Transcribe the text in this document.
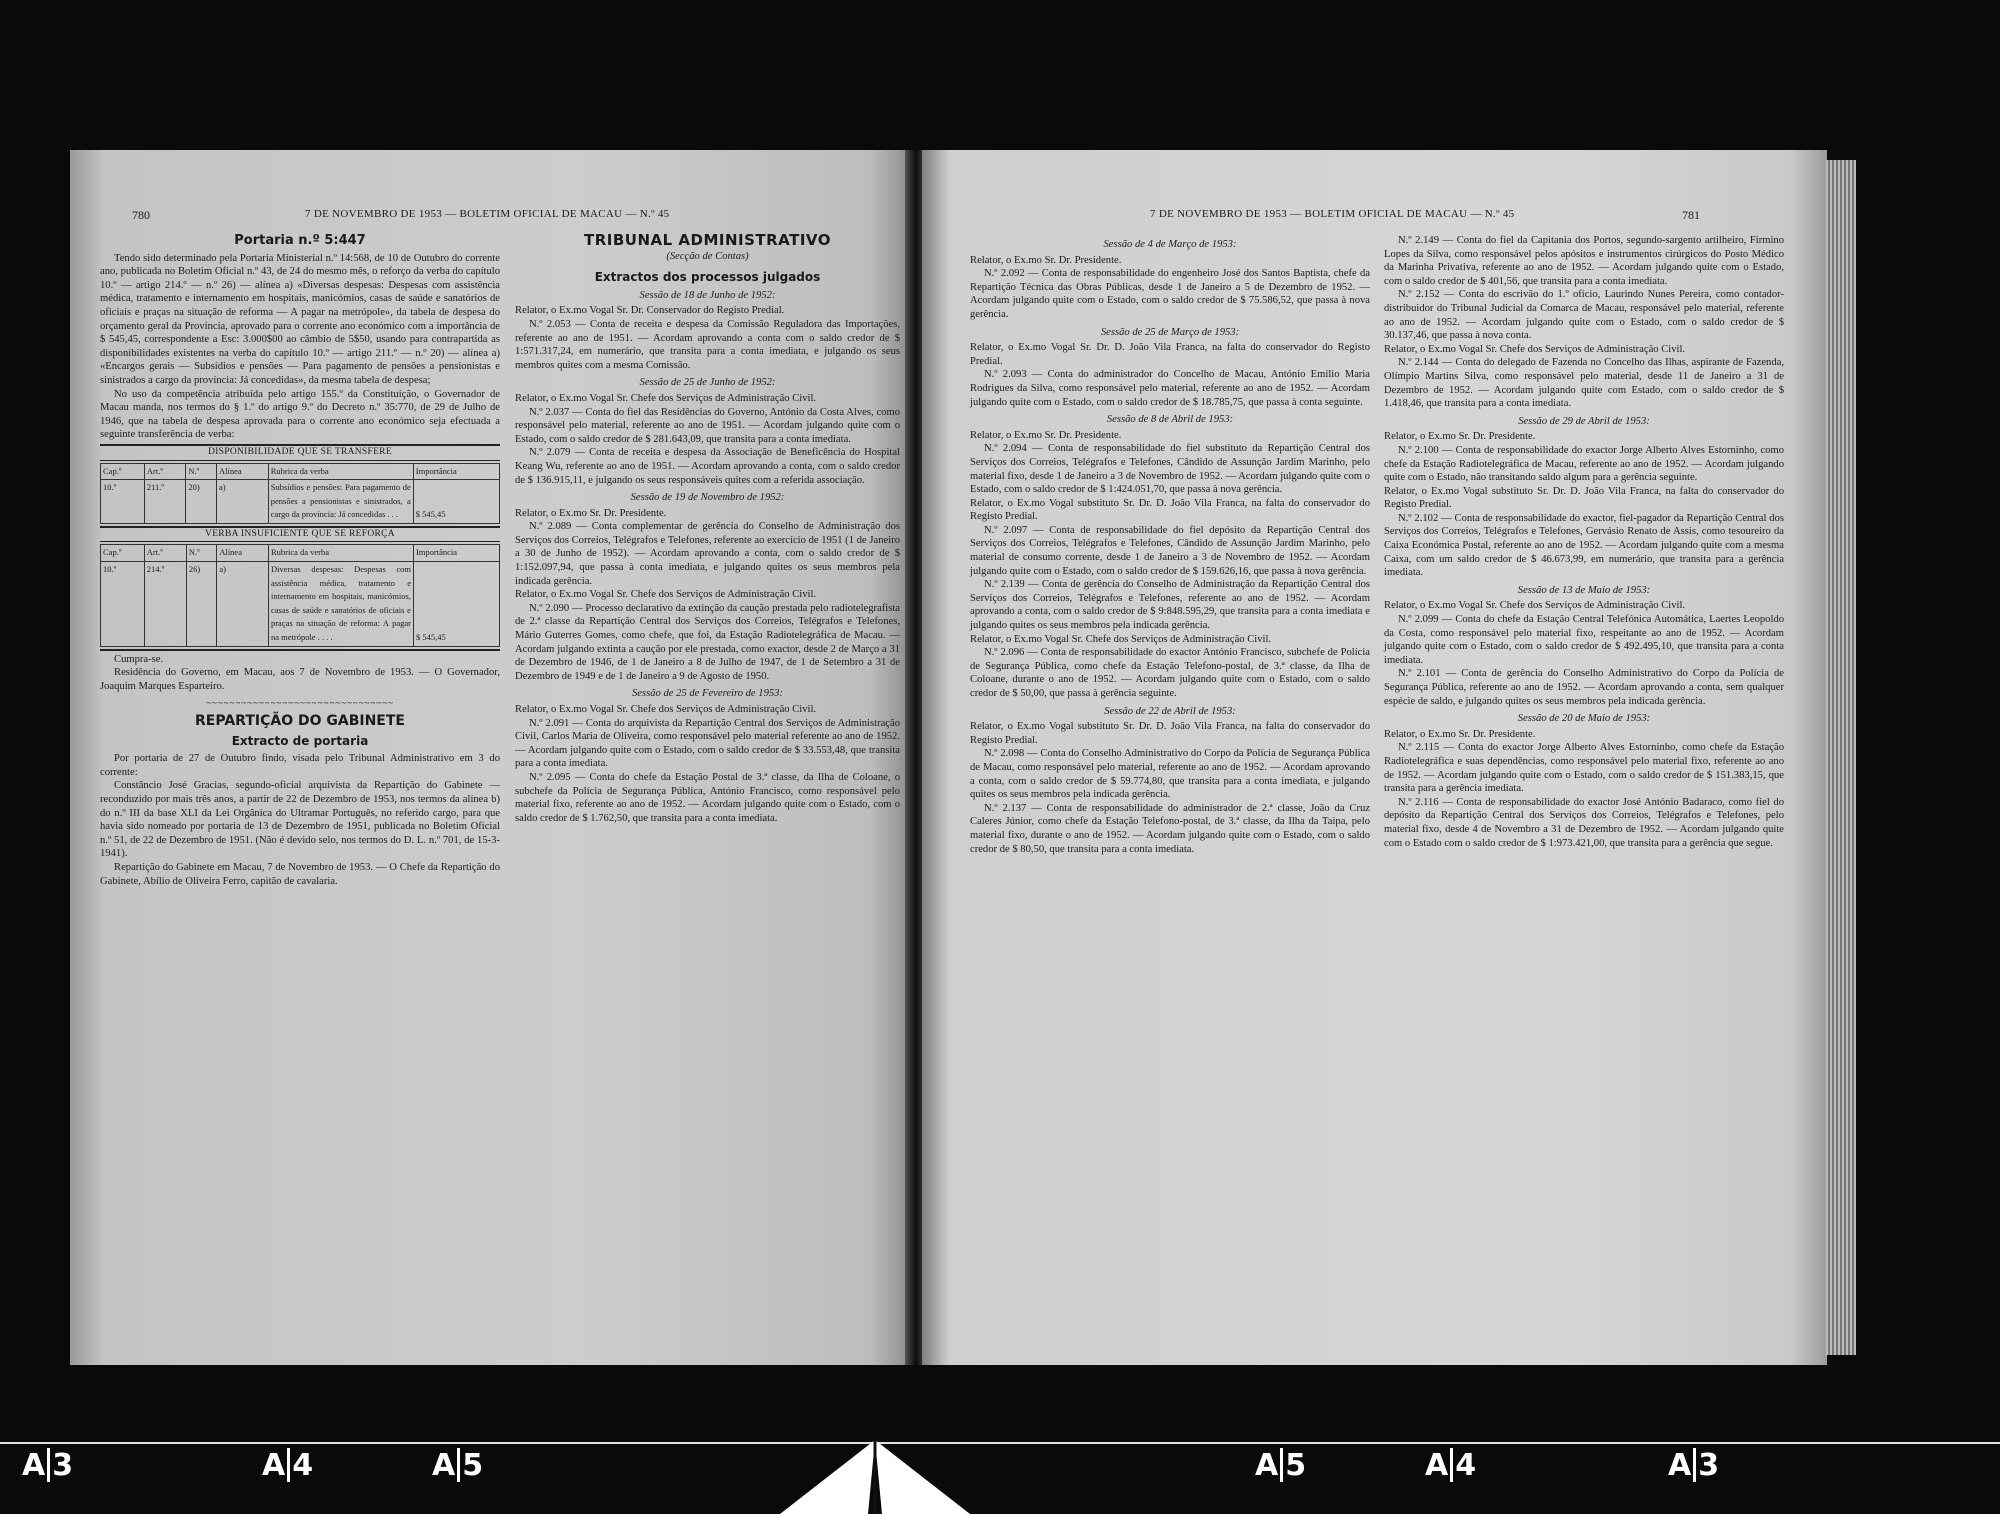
780	7 DE NOVEMBRO DE 1953 — BOLETIM OFICIAL DE MACAU — N.º 45
Portaria n.º 5:447

Tendo sido determinado pela Portaria Ministerial n.º 14:568, de 10 de Outubro do corrente ano, publicada no Boletim Oficial n.º 43, de 24 do mesmo mês, o reforço da verba do capítulo 10.º — artigo 214.º — n.º 26) — alínea a) «Diversas despesas: Despesas com assistência médica, tratamento e internamento em hospitais, manicómios, casas de saúde e sanatórios de oficiais e praças na situação de reforma — A pagar na metrópole», da tabela de despesa do orçamento geral da Província, aprovado para o corrente ano económico com a importância de $ 545,45, correspondente a Esc: 3.000$00 ao câmbio de 5$50, usando para contrapartida as disponibilidades existentes na verba do capítulo 10.º — artigo 211.º — n.º 20) — alínea a) «Encargos gerais — Subsídios e pensões — Para pagamento de pensões a pensionistas e sinistrados a cargo da província: Já concedidas», da mesma tabela de despesa;

No uso da competência atribuída pelo artigo 155.º da Constituição, o Governador de Macau manda, nos termos do § 1.º do artigo 9.º do Decreto n.º 35:770, de 29 de Julho de 1946, que na tabela de despesa aprovada para o corrente ano económico seja efectuada a seguinte transferência de verba:

DISPONIBILIDADE QUE SE TRANSFERE
Cap.º	Art.º	N.º	Alínea	Rubrica da verba	Importância
10.º	211.º	20)	a)	Subsídios e pensões: Para pagamento de pensões a pensionistas e sinistrados, a cargo da província: Já concedidas . . .	$ 545,45
VERBA INSUFICIENTE QUE SE REFORÇA
Cap.º	Art.º	N.º	Alínea	Rubrica da verba	Importância
10.º	214.º	26)	a)	Diversas despesas: Despesas com assistência médica, tratamento e internamento em hospitais, manicómios, casas de saúde e sanatórios de oficiais e praças na situação de reforma: A pagar na metrópole . . . .	$ 545,45

Cumpra-se.

Residência do Governo, em Macau, aos 7 de Novembro de 1953. — O Governador, Joaquim Marques Esparteiro.

~~~~~~~~~~~~~~~~~~~~~~~~~~~~~~~~
REPARTIÇÃO DO GABINETE
Extracto de portaria

Por portaria de 27 de Outubro findo, visada pelo Tribunal Administrativo em 3 do corrente:

Constâncio José Gracias, segundo-oficial arquivista da Repartição do Gabinete — reconduzido por mais três anos, a partir de 22 de Dezembro de 1953, nos termos da alínea b) do n.º III da base XLI da Lei Orgânica do Ultramar Português, no referido cargo, para que havia sido nomeado por portaria de 13 de Dezembro de 1951, publicada no Boletim Oficial n.º 51, de 22 de Dezembro de 1951. (Não é devido selo, nos termos do D. L. n.º 701, de 15-3-1941).

Repartição do Gabinete em Macau, 7 de Novembro de 1953. — O Chefe da Repartição do Gabinete, Abílio de Oliveira Ferro, capitão de cavalaria.

TRIBUNAL ADMINISTRATIVO
(Secção de Contas)
Extractos dos processos julgados
Sessão de 18 de Junho de 1952:

Relator, o Ex.mo Vogal Sr. Dr. Conservador do Registo Predial.

N.º 2.053 — Conta de receita e despesa da Comissão Reguladora das Importações, referente ao ano de 1951. — Acordam aprovando a conta com o saldo credor de $ 1:571.317,24, em numerário, que transita para a conta imediata, e julgando os seus membros quites com a mesma Comissão.

Sessão de 25 de Junho de 1952:

Relator, o Ex.mo Vogal Sr. Chefe dos Serviços de Administração Civil.

N.º 2.037 — Conta do fiel das Residências do Governo, António da Costa Alves, como responsável pelo material, referente ao ano de 1951. — Acordam julgando quite com o Estado, com o saldo credor de $ 281.643,09, que transita para a conta imediata.

N.º 2.079 — Conta de receita e despesa da Associação de Beneficência do Hospital Keang Wu, referente ao ano de 1951. — Acordam aprovando a conta, com o saldo credor de $ 136.915,11, e julgando os seus responsáveis quites com a referida associação.

Sessão de 19 de Novembro de 1952:

Relator, o Ex.mo Sr. Dr. Presidente.

N.º 2.089 — Conta complementar de gerência do Conselho de Administração dos Serviços dos Correios, Telégrafos e Telefones, referente ao exercício de 1951 (1 de Janeiro a 30 de Junho de 1952). — Acordam aprovando a conta, com o saldo credor de $ 1:152.097,94, que passa à conta imediata, e julgando quites os seus membros pela indicada gerência.

Relator, o Ex.mo Vogal Sr. Chefe dos Serviços de Administração Civil.

N.º 2.090 — Processo declarativo da extinção da caução prestada pelo radiotelegrafista de 2.ª classe da Repartição Central dos Serviços dos Correios, Telégrafos e Telefones, Mário Guterres Gomes, como chefe, que foi, da Estação Radiotelegráfica de Macau. — Acordam julgando extinta a caução por ele prestada, como exactor, desde 2 de Março a 31 de Dezembro de 1946, de 1 de Janeiro a 8 de Julho de 1947, de 1 de Setembro a 31 de Dezembro de 1949 e de 1 de Janeiro a 9 de Agosto de 1950.

Sessão de 25 de Fevereiro de 1953:

Relator, o Ex.mo Vogal Sr. Chefe dos Serviços de Administração Civil.

N.º 2.091 — Conta do arquivista da Repartição Central dos Serviços de Administração Civil, Carlos Maria de Oliveira, como responsável pelo material referente ao ano de 1952. — Acordam julgando quite com o Estado, com o saldo credor de $ 33.553,48, que transita para a conta imediata.

N.º 2.095 — Conta do chefe da Estação Postal de 3.ª classe, da Ilha de Coloane, o subchefe da Polícia de Segurança Pública, António Francisco, como responsável pelo material fixo, referente ao ano de 1952. — Acordam julgando quite com o Estado, com o saldo credor de $ 1.762,50, que transita para a conta imediata.

7 DE NOVEMBRO DE 1953 — BOLETIM OFICIAL DE MACAU — N.º 45	781
Sessão de 4 de Março de 1953:

Relator, o Ex.mo Sr. Dr. Presidente.

N.º 2.092 — Conta de responsabilidade do engenheiro José dos Santos Baptista, chefe da Repartição Técnica das Obras Públicas, desde 1 de Janeiro a 5 de Dezembro de 1952. — Acordam julgando quite com o Estado, com o saldo credor de $ 75.586,52, que passa à nova gerência.

Sessão de 25 de Março de 1953:

Relator, o Ex.mo Vogal Sr. Dr. D. João Vila Franca, na falta do conservador do Registo Predial.

N.º 2.093 — Conta do administrador do Concelho de Macau, António Emílio Maria Rodrigues da Silva, como responsável pelo material, referente ao ano de 1952. — Acordam julgando quite com o Estado, com o saldo credor de $ 18.785,75, que passa à conta seguinte.

Sessão de 8 de Abril de 1953:

Relator, o Ex.mo Sr. Dr. Presidente.

N.º 2.094 — Conta de responsabilidade do fiel substituto da Repartição Central dos Serviços dos Correios, Telégrafos e Telefones, Cândido de Assunção Jardim Marinho, pelo material fixo, desde 1 de Janeiro a 3 de Novembro de 1952. — Acordam julgando quite com o Estado, com o saldo credor de $ 1:424.051,70, que passa à nova gerência.

Relator, o Ex.mo Vogal substituto Sr. Dr. D. João Vila Franca, na falta do conservador do Registo Predial.

N.º 2.097 — Conta de responsabilidade do fiel depósito da Repartição Central dos Serviços dos Correios, Telégrafos e Telefones, Cândido de Assunção Jardim Marinho, pelo material de consumo corrente, desde 1 de Janeiro a 3 de Novembro de 1952. — Acordam julgando quite com o Estado, com o saldo credor de $ 159.626,16, que passa à nova gerência.

N.º 2.139 — Conta de gerência do Conselho de Administração da Repartição Central dos Serviços dos Correios, Telégrafos e Telefones, referente ao ano de 1952. — Acordam aprovando a conta, com o saldo credor de $ 9:848.595,29, que transita para a conta imediata e julgando quites os seus membros pela indicada gerência.

Relator, o Ex.mo Vogal Sr. Chefe dos Serviços de Administração Civil.

N.º 2.096 — Conta de responsabilidade do exactor António Francisco, subchefe de Polícia de Segurança Pública, como chefe da Estação Telefono-postal, de 3.ª classe, da Ilha de Coloane, durante o ano de 1952. — Acordam julgando quite com o Estado, com o saldo credor de $ 50,00, que passa à gerência seguinte.

Sessão de 22 de Abril de 1953:

Relator, o Ex.mo Vogal substituto Sr. Dr. D. João Vila Franca, na falta do conservador do Registo Predial.

N.º 2.098 — Conta do Conselho Administrativo do Corpo da Polícia de Segurança Pública de Macau, como responsável pelo material, referente ao ano de 1952. — Acordam aprovando a conta, com o saldo credor de $ 59.774,80, que transita para a conta imediata, e julgando quites os seus membros pela indicada gerência.

N.º 2.137 — Conta de responsabilidade do administrador de 2.ª classe, João da Cruz Caleres Júnior, como chefe da Estação Telefono-postal, de 3.ª classe, da Ilha da Taipa, pelo material fixo, durante o ano de 1952. — Acordam julgando quite com o Estado, com o saldo credor de $ 80,50, que transita para a conta imediata.

N.º 2.149 — Conta do fiel da Capitania dos Portos, segundo-sargento artilheiro, Firmino Lopes da Silva, como responsável pelos apósitos e instrumentos cirúrgicos do Posto Médico da Marinha Privativa, referente ao ano de 1952. — Acordam julgando quite com o Estado, com o saldo credor de $ 401,56, que transita para a conta imediata.

N.º 2.152 — Conta do escrivão do 1.º ofício, Laurindo Nunes Pereira, como contador-distribuidor do Tribunal Judicial da Comarca de Macau, responsável pelo material, referente ao ano de 1952. — Acordam julgando quite com o Estado, com o saldo credor de $ 30.137,46, que passa à nova conta.

Relator, o Ex.mo Vogal Sr. Chefe dos Serviços de Administração Civil.

N.º 2.144 — Conta do delegado de Fazenda no Concelho das Ilhas, aspirante de Fazenda, Olímpio Martins Silva, como responsável pelo material, desde 11 de Janeiro a 31 de Dezembro de 1952. — Acordam julgando quite com Estado, com o saldo credor de $ 1.418,46, que transita para a conta imediata.

Sessão de 29 de Abril de 1953:

Relator, o Ex.mo Sr. Dr. Presidente.

N.º 2.100 — Conta de responsabilidade do exactor Jorge Alberto Alves Estorninho, como chefe da Estação Radiotelegráfica de Macau, referente ao ano de 1952. — Acordam julgando quite com o Estado, não transitando saldo algum para a gerência seguinte.

Relator, o Ex.mo Vogal substituto Sr. Dr. D. João Vila Franca, na falta do conservador do Registo Predial.

N.º 2.102 — Conta de responsabilidade do exactor, fiel-pagador da Repartição Central dos Serviços dos Correios, Telégrafos e Telefones, Gervásio Renato de Assis, como tesoureiro da Caixa Económica Postal, referente ao ano de 1952. — Acordam julgando quite com a mesma Caixa, com um saldo credor de $ 46.673,99, em numerário, que transita para a gerência imediata.

Sessão de 13 de Maio de 1953:

Relator, o Ex.mo Vogal Sr. Chefe dos Serviços de Administração Civil.

N.º 2.099 — Conta do chefe da Estação Central Telefónica Automática, Laertes Leopoldo da Costa, como responsável pelo material fixo, respeitante ao ano de 1952. — Acordam julgando quite com o Estado, com o saldo credor de $ 492.495,10, que transita para a conta imediata.

N.º 2.101 — Conta de gerência do Conselho Administrativo do Corpo da Polícia de Segurança Pública, referente ao ano de 1952. — Acordam aprovando a conta, sem qualquer espécie de saldo, e julgando quites os seus membros pela indicada gerência.

Sessão de 20 de Maio de 1953:

Relator, o Ex.mo Sr. Dr. Presidente.

N.º 2.115 — Conta do exactor Jorge Alberto Alves Estorninho, como chefe da Estação Radiotelegráfica e suas dependências, como responsável pelo material fixo, referente ao ano de 1952. — Acordam julgando quite com o Estado, com o saldo credor de $ 151.383,15, que transita para a gerência imediata.

N.º 2.116 — Conta de responsabilidade do exactor José António Badaraco, como fiel do depósito da Repartição Central dos Serviços dos Correios, Telégrafos e Telefones, pelo material fixo, desde 4 de Novembro a 31 de Dezembro de 1952. — Acordam julgando quite com o Estado com o saldo credor de $ 1:973.421,00, que transita para a gerência que segue.

A 3	A 4	A 5	A 5	A 4	A 3
